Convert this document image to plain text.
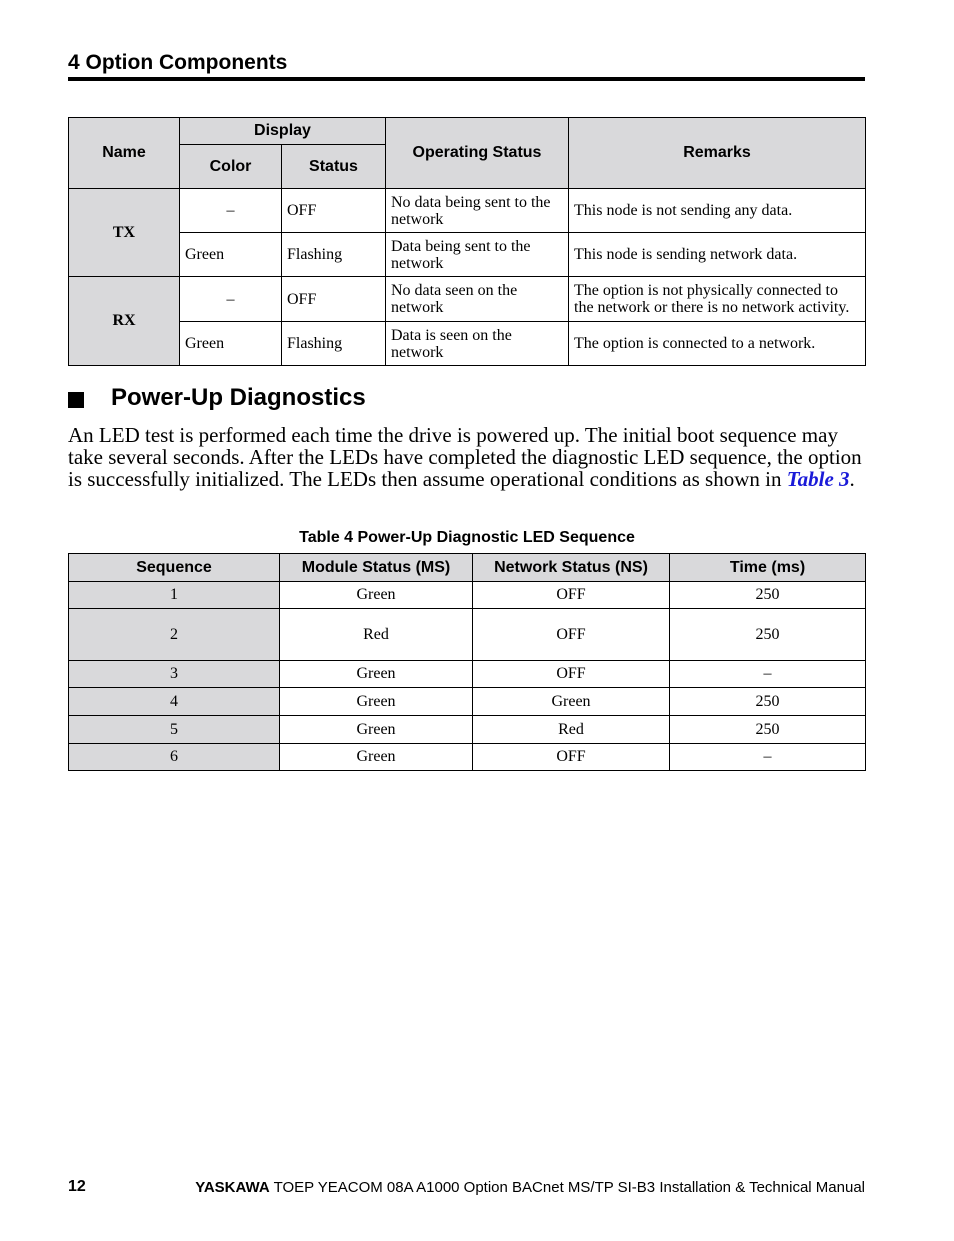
4 Option Components
Name	Display		Operating Status	Remarks
	Color	Status		
TX	–	OFF	No data being sent to the network	This node is not sending any data.
	Green	Flashing	Data being sent to the network	This node is sending network data.
RX	–	OFF	No data seen on the network	The option is not physically connected to the network or there is no network activity.
	Green	Flashing	Data is seen on the network	The option is connected to a network.
Power-Up Diagnostics
An LED test is performed each time the drive is powered up. The initial boot sequence may take several seconds. After the LEDs have completed the diagnostic LED sequence, the option is successfully initialized. The LEDs then assume operational conditions as shown in Table 3.
Table 4 Power-Up Diagnostic LED Sequence
Sequence	Module Status (MS)	Network Status (NS)	Time (ms)
1	Green	OFF	250
2	Red	OFF	250
3	Green	OFF	–
4	Green	Green	250
5	Green	Red	250
6	Green	OFF	–
12	YASKAWA TOEP YEACOM 08A A1000 Option BACnet MS/TP SI-B3 Installation & Technical Manual
